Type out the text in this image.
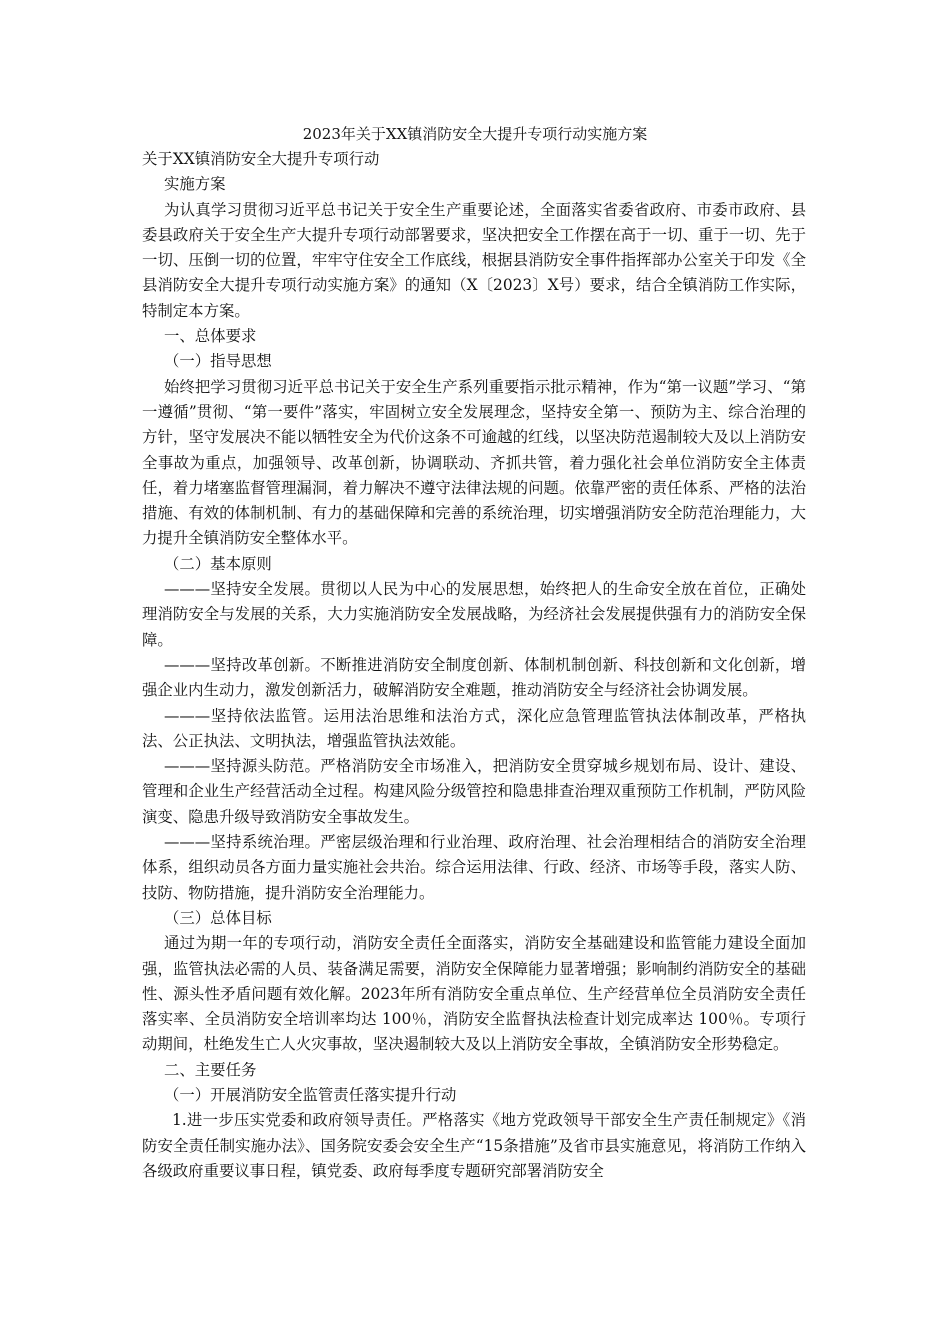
2023年关于XX镇消防安全大提升专项行动实施方案

关于XX镇消防安全大提升专项行动

实施方案

为认真学习贯彻习近平总书记关于安全生产重要论述，全面落实省委省政府、市委市政府、县委县政府关于安全生产大提升专项行动部署要求，坚决把安全工作摆在高于一切、重于一切、先于一切、压倒一切的位置，牢牢守住安全工作底线，根据县消防安全事件指挥部办公室关于印发《全县消防安全大提升专项行动实施方案》的通知（X〔2023〕X号）要求，结合全镇消防工作实际，特制定本方案。

一、总体要求

（一）指导思想

始终把学习贯彻习近平总书记关于安全生产系列重要指示批示精神，作为“第一议题”学习、“第一遵循”贯彻、“第一要件”落实，牢固树立安全发展理念，坚持安全第一、预防为主、综合治理的方针，坚守发展决不能以牺牲安全为代价这条不可逾越的红线，以坚决防范遏制较大及以上消防安全事故为重点，加强领导、改革创新，协调联动、齐抓共管，着力强化社会单位消防安全主体责任，着力堵塞监督管理漏洞，着力解决不遵守法律法规的问题。依靠严密的责任体系、严格的法治措施、有效的体制机制、有力的基础保障和完善的系统治理，切实增强消防安全防范治理能力，大力提升全镇消防安全整体水平。

（二）基本原则

———坚持安全发展。贯彻以人民为中心的发展思想，始终把人的生命安全放在首位，正确处理消防安全与发展的关系，大力实施消防安全发展战略，为经济社会发展提供强有力的消防安全保障。

———坚持改革创新。不断推进消防安全制度创新、体制机制创新、科技创新和文化创新，增强企业内生动力，激发创新活力，破解消防安全难题，推动消防安全与经济社会协调发展。

———坚持依法监管。运用法治思维和法治方式，深化应急管理监管执法体制改革，严格执法、公正执法、文明执法，增强监管执法效能。

———坚持源头防范。严格消防安全市场准入，把消防安全贯穿城乡规划布局、设计、建设、管理和企业生产经营活动全过程。构建风险分级管控和隐患排查治理双重预防工作机制，严防风险演变、隐患升级导致消防安全事故发生。

———坚持系统治理。严密层级治理和行业治理、政府治理、社会治理相结合的消防安全治理体系，组织动员各方面力量实施社会共治。综合运用法律、行政、经济、市场等手段，落实人防、技防、物防措施，提升消防安全治理能力。

（三）总体目标

通过为期一年的专项行动，消防安全责任全面落实，消防安全基础建设和监管能力建设全面加强，监管执法必需的人员、装备满足需要，消防安全保障能力显著增强；影响制约消防安全的基础性、源头性矛盾问题有效化解。2023年所有消防安全重点单位、生产经营单位全员消防安全责任落实率、全员消防安全培训率均达 100％，消防安全监督执法检查计划完成率达 100％。专项行动期间，杜绝发生亡人火灾事故，坚决遏制较大及以上消防安全事故，全镇消防安全形势稳定。

二、主要任务

（一）开展消防安全监管责任落实提升行动

1.进一步压实党委和政府领导责任。严格落实《地方党政领导干部安全生产责任制规定》《消防安全责任制实施办法》、国务院安委会安全生产“15条措施”及省市县实施意见，将消防工作纳入各级政府重要议事日程，镇党委、政府每季度专题研究部署消防安全
